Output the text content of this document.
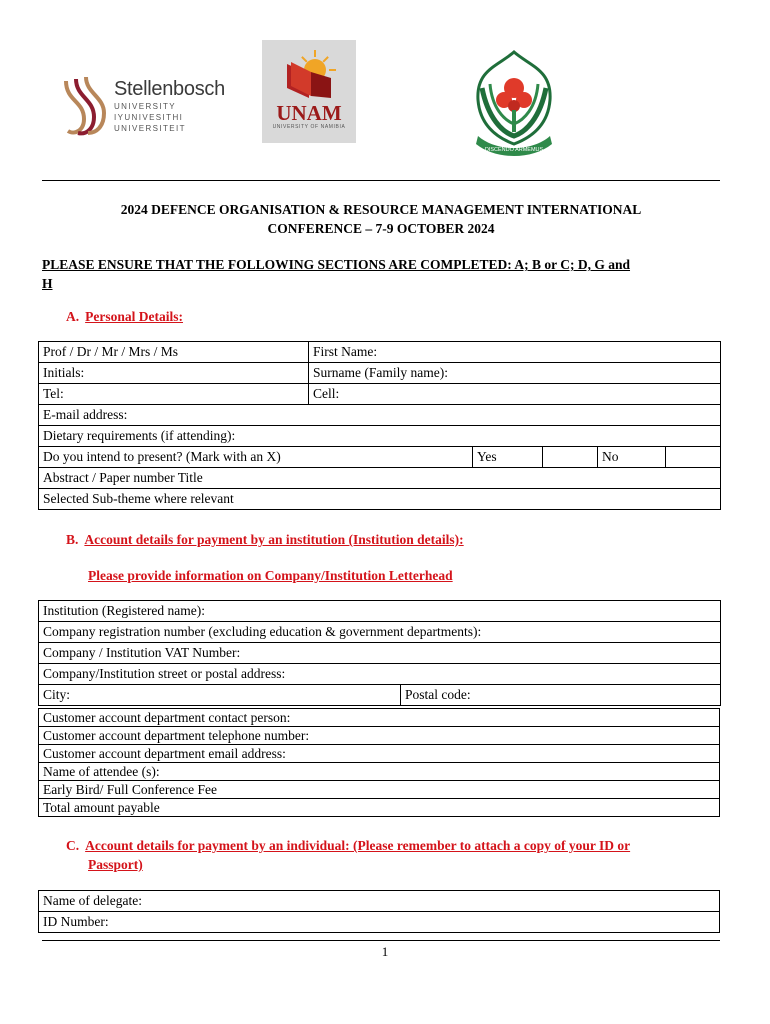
Stellenbosch
UNIVERSITY
IYUNIVESITHI
UNIVERSITEIT
UNAM
UNIVERSITY OF NAMIBIA
DISCENDO ARMEMUS
2024 DEFENCE ORGANISATION & RESOURCE MANAGEMENT INTERNATIONAL
CONFERENCE – 7-9 OCTOBER 2024
PLEASE ENSURE THAT THE FOLLOWING SECTIONS ARE COMPLETED: A; B or C; D, G and
H
A. Personal Details:
Prof / Dr / Mr / Mrs / Ms	First Name:				
Initials:	Surname (Family name):				
Tel:	Cell:				
E-mail address:					
Dietary requirements (if attending):					
Do you intend to present? (Mark with an X)		Yes		No	
Abstract / Paper number Title					
Selected Sub-theme where relevant					
B. Account details for payment by an institution (Institution details):
Please provide information on Company/Institution Letterhead
Institution (Registered name):
Company registration number (excluding education & government departments):
Company / Institution VAT Number:
Company/Institution street or postal address:
City:	Postal code:
Customer account department contact person:
Customer account department telephone number:
Customer account department email address:
Name of attendee (s):
Early Bird/ Full Conference Fee
Total amount payable
C. Account details for payment by an individual: (Please remember to attach a copy of your ID or
Passport)
Name of delegate:
ID Number:
1
